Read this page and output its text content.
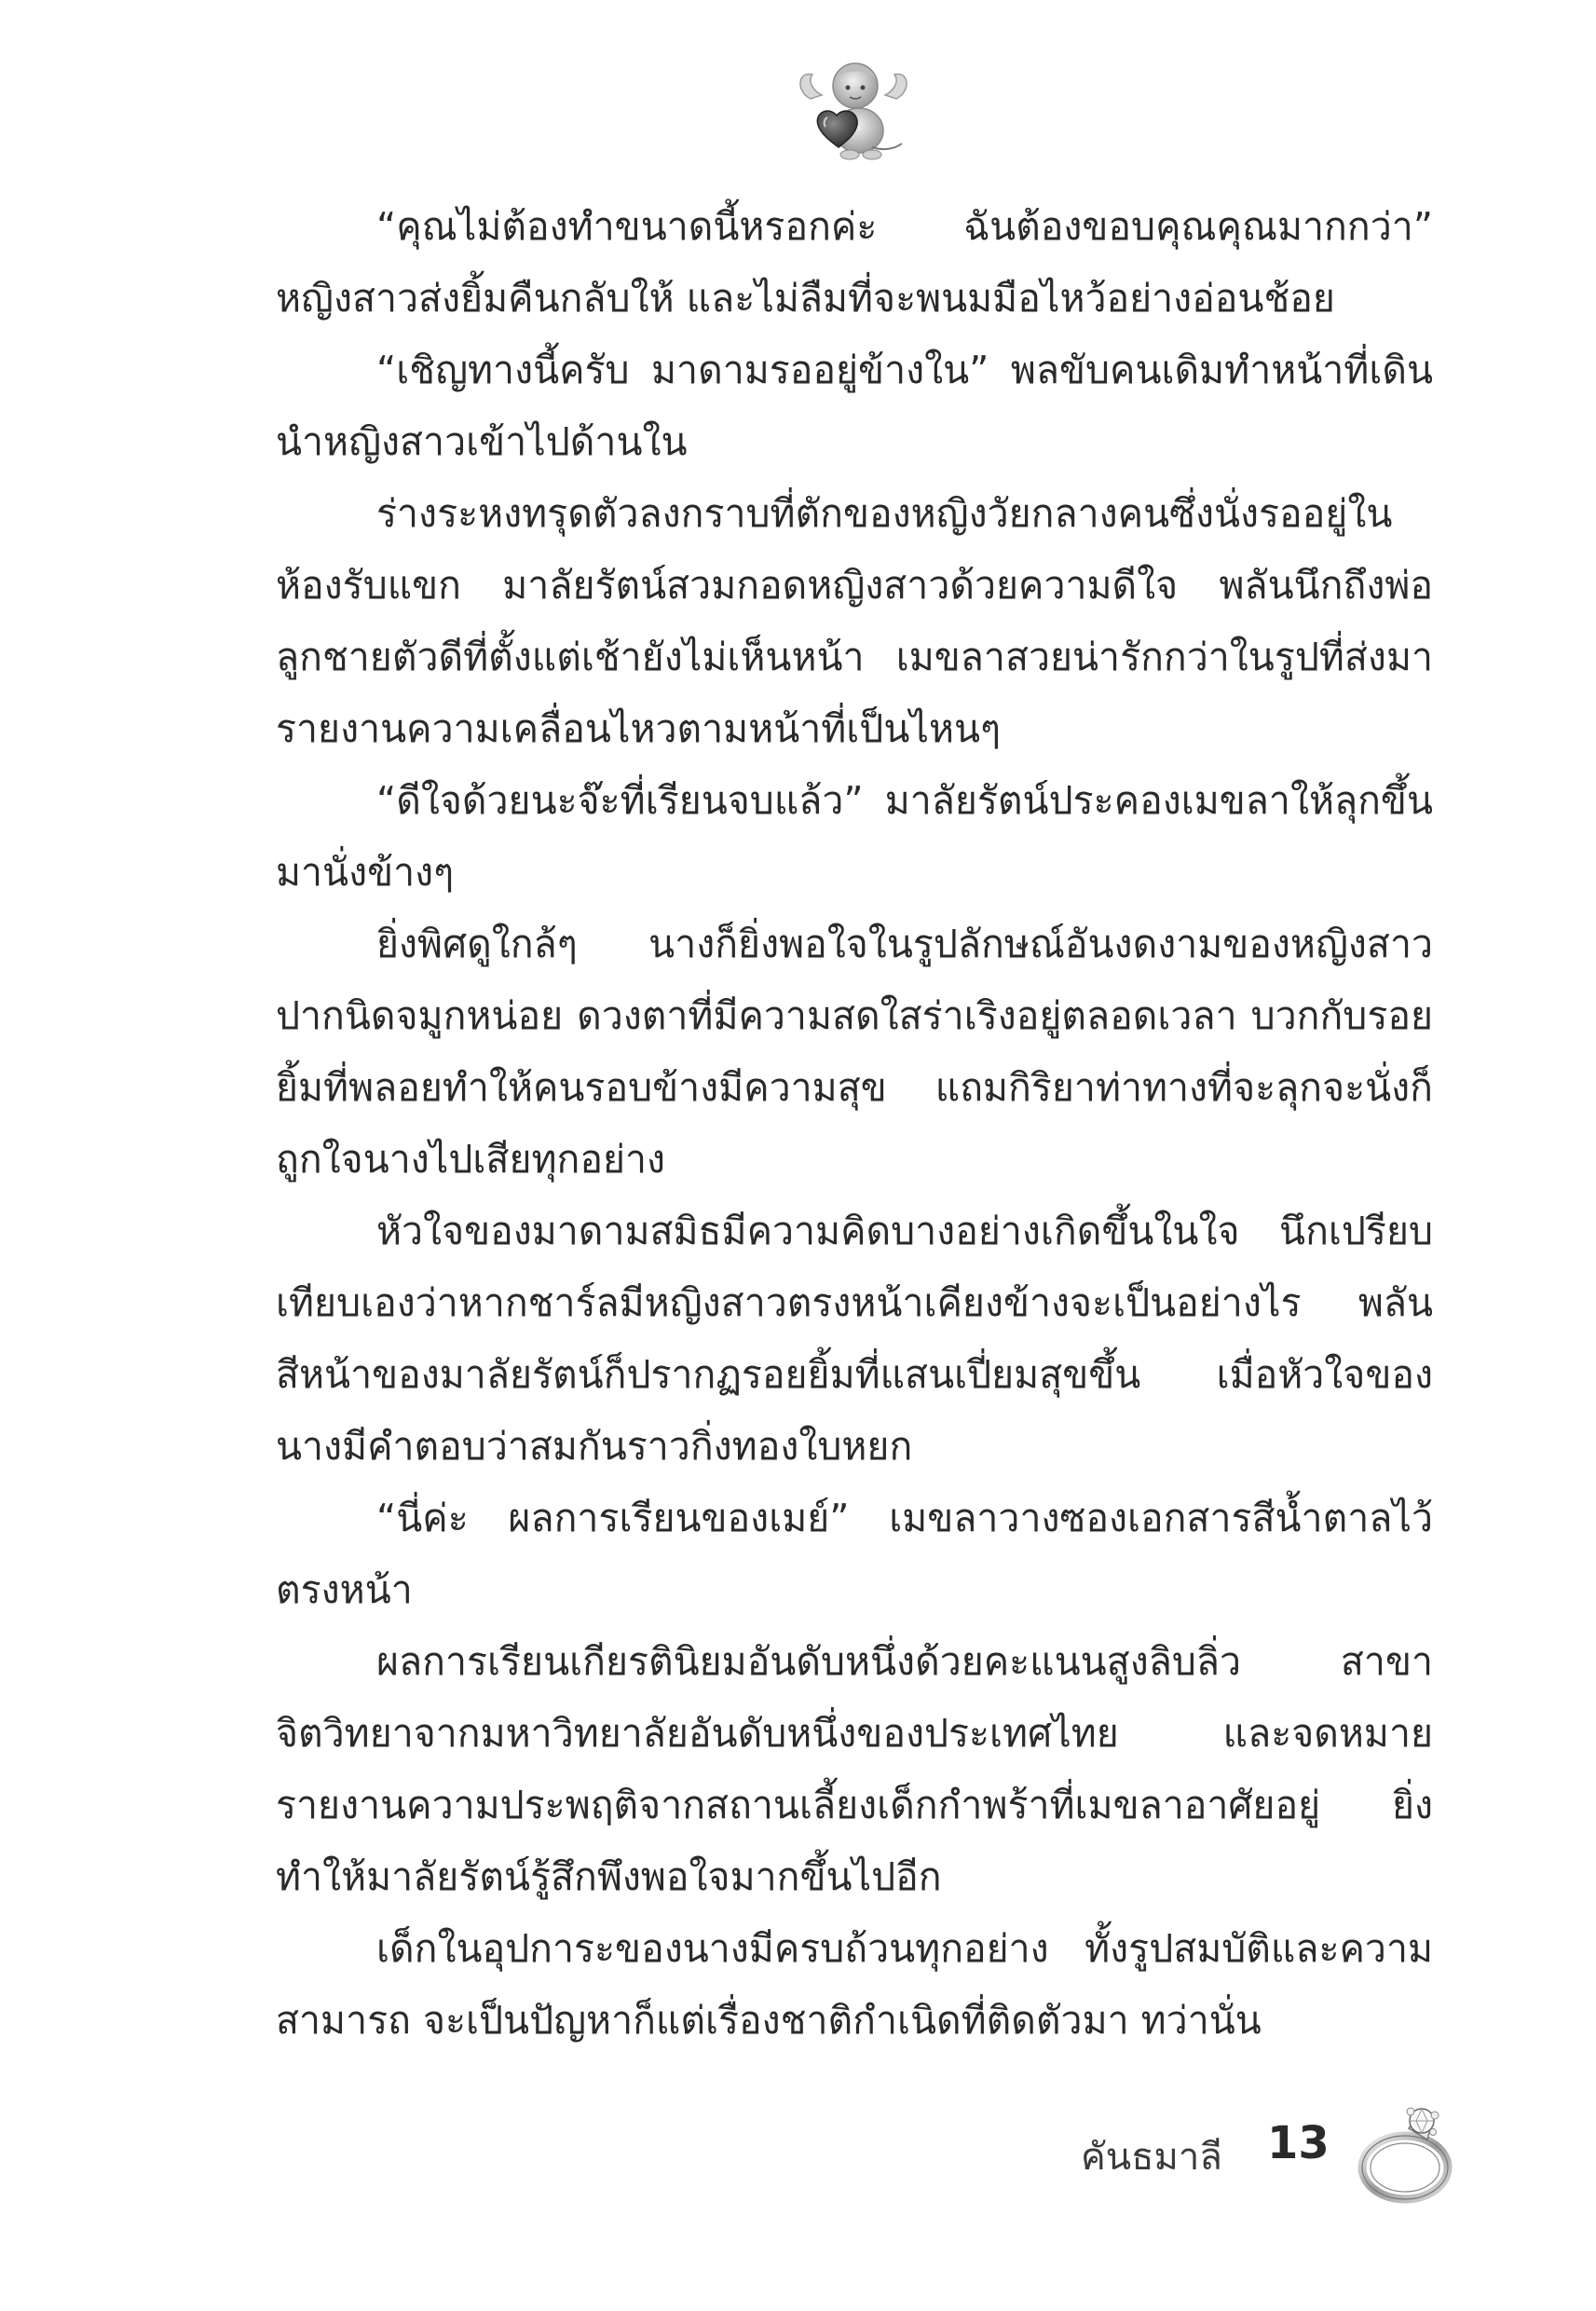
“คุณไม่ต้องทำขนาดนี้หรอกค่ะ ฉันต้องขอบคุณคุณมากกว่า” หญิงสาวส่งยิ้มคืนกลับให้ และไม่ลืมที่จะพนมมือไหว้อย่างอ่อนช้อย

“เชิญทางนี้ครับ มาดามรออยู่ข้างใน” พลขับคนเดิมทำหน้าที่เดินนำหญิงสาวเข้าไปด้านใน

ร่างระหงทรุดตัวลงกราบที่ตักของหญิงวัยกลางคนซึ่งนั่งรออยู่ในห้องรับแขก มาลัยรัตน์สวมกอดหญิงสาวด้วยความดีใจ พลันนึกถึงพ่อลูกชายตัวดีที่ตั้งแต่เช้ายังไม่เห็นหน้า เมขลาสวยน่ารักกว่าในรูปที่ส่งมารายงานความเคลื่อนไหวตามหน้าที่เป็นไหนๆ

“ดีใจด้วยนะจ๊ะที่เรียนจบแล้ว” มาลัยรัตน์ประคองเมขลาให้ลุกขึ้นมานั่งข้างๆ

ยิ่งพิศดูใกล้ๆ นางก็ยิ่งพอใจในรูปลักษณ์อันงดงามของหญิงสาว ปากนิดจมูกหน่อย ดวงตาที่มีความสดใสร่าเริงอยู่ตลอดเวลา บวกกับรอยยิ้มที่พลอยทำให้คนรอบข้างมีความสุข แถมกิริยาท่าทางที่จะลุกจะนั่งก็ถูกใจนางไปเสียทุกอย่าง

หัวใจของมาดามสมิธมีความคิดบางอย่างเกิดขึ้นในใจ นึกเปรียบเทียบเองว่าหากชาร์ลมีหญิงสาวตรงหน้าเคียงข้างจะเป็นอย่างไร พลันสีหน้าของมาลัยรัตน์ก็ปรากฏรอยยิ้มที่แสนเปี่ยมสุขขึ้น เมื่อหัวใจของนางมีคำตอบว่าสมกันราวกิ่งทองใบหยก

“นี่ค่ะ ผลการเรียนของเมย์” เมขลาวางซองเอกสารสีน้ำตาลไว้ตรงหน้า

ผลการเรียนเกียรตินิยมอันดับหนึ่งด้วยคะแนนสูงลิบลิ่ว สาขาจิตวิทยาจากมหาวิทยาลัยอันดับหนึ่งของประเทศไทย และจดหมายรายงานความประพฤติจากสถานเลี้ยงเด็กกำพร้าที่เมขลาอาศัยอยู่ ยิ่งทำให้มาลัยรัตน์รู้สึกพึงพอใจมากขึ้นไปอีก

เด็กในอุปการะของนางมีครบถ้วนทุกอย่าง ทั้งรูปสมบัติและความสามารถ จะเป็นปัญหาก็แต่เรื่องชาติกำเนิดที่ติดตัวมา ทว่านั่น

คันธมาลี 13
